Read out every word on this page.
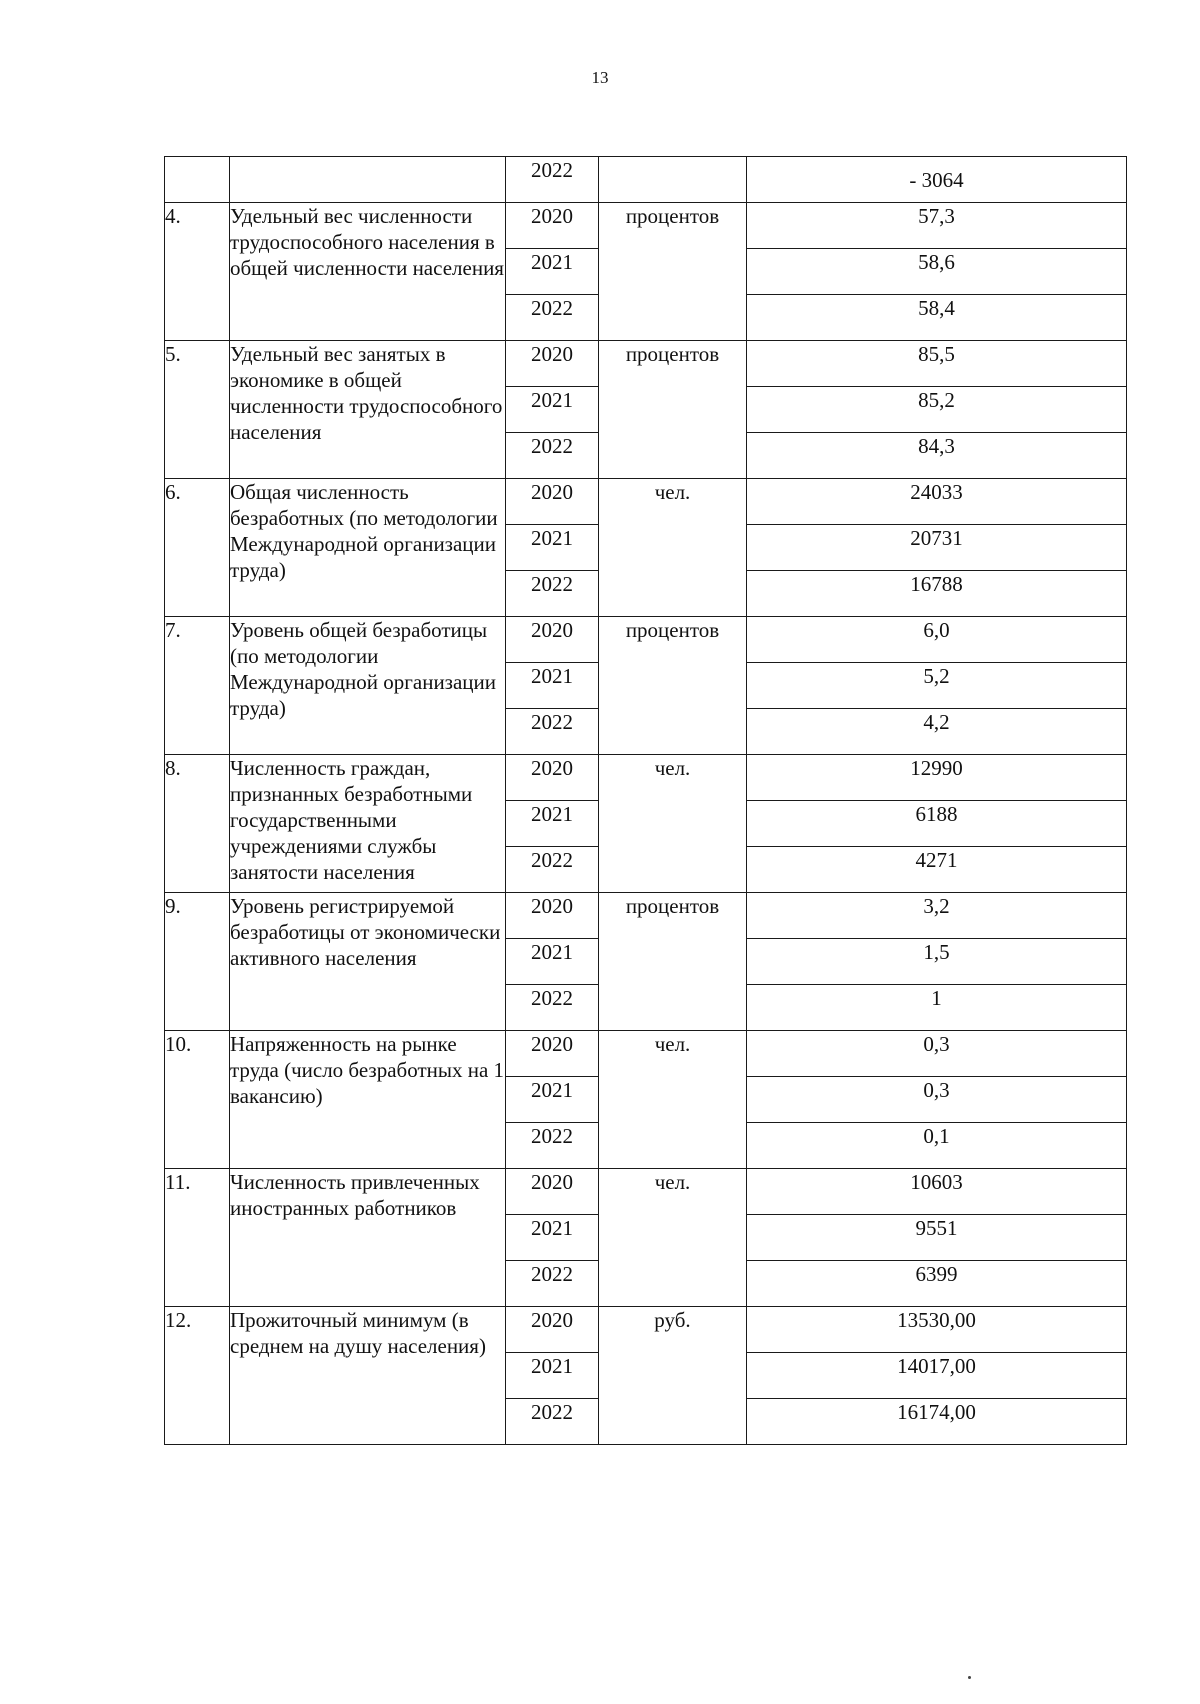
13
		2022		- 3064
4.	Удельный вес численности трудоспособного населения в общей численности населения	2020	процентов	57,3
		2021		58,6
		2022		58,4
5.	Удельный вес занятых в экономике в общей численности трудоспособного населения	2020	процентов	85,5
		2021		85,2
		2022		84,3
6.	Общая численность безработных (по методологии Международной организации труда)	2020	чел.	24033
		2021		20731
		2022		16788
7.	Уровень общей безработицы (по методологии Международной организации труда)	2020	процентов	6,0
		2021		5,2
		2022		4,2
8.	Численность граждан, признанных безработными государственными учреждениями службы занятости населения	2020	чел.	12990
		2021		6188
		2022		4271
9.	Уровень регистрируемой безработицы от экономически активного населения	2020	процентов	3,2
		2021		1,5
		2022		1
10.	Напряженность на рынке труда (число безработных на 1 вакансию)	2020	чел.	0,3
		2021		0,3
		2022		0,1
11.	Численность привлеченных иностранных работников	2020	чел.	10603
		2021		9551
		2022		6399
12.	Прожиточный минимум (в среднем на душу населения)	2020	руб.	13530,00
		2021		14017,00
		2022		16174,00
